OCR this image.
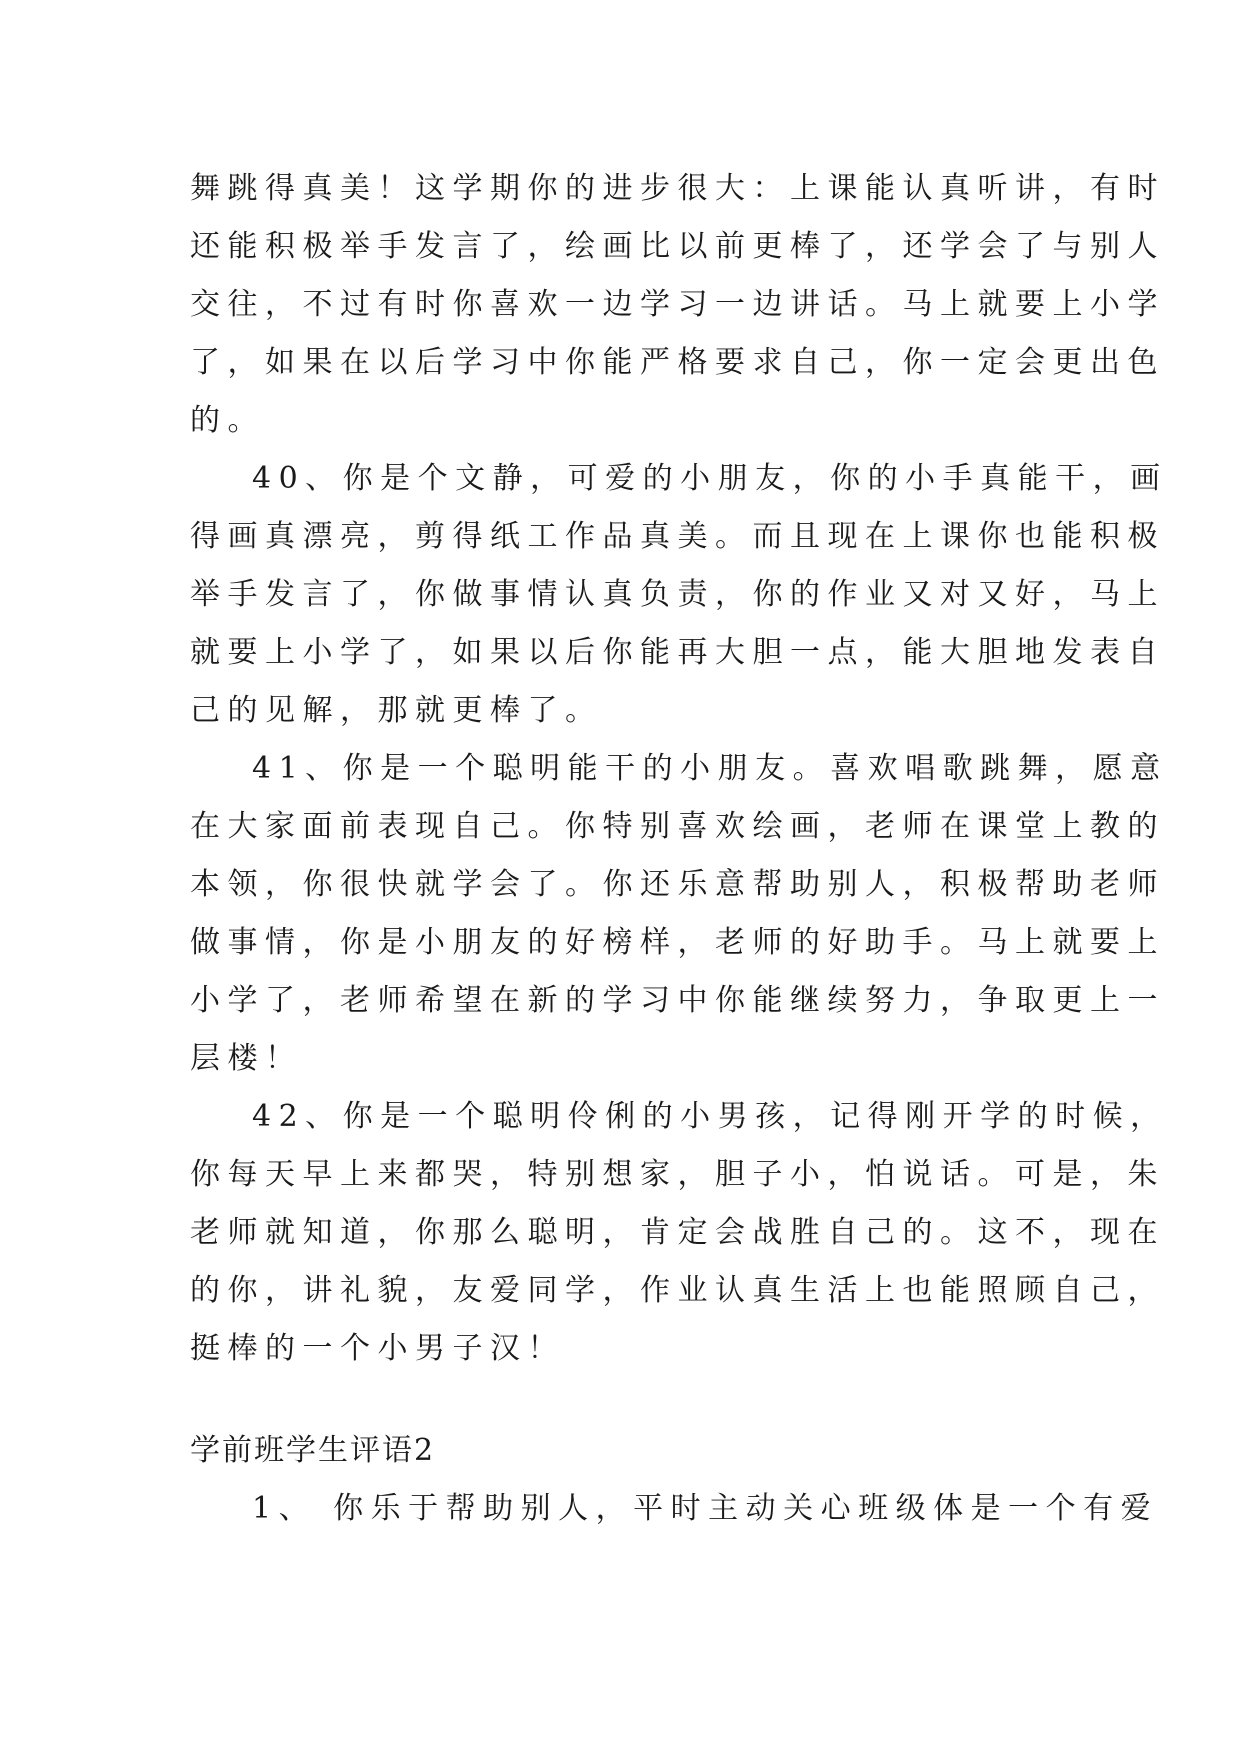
舞跳得真美！这学期你的进步很大：上课能认真听讲，有时
还能积极举手发言了，绘画比以前更棒了，还学会了与别人
交往，不过有时你喜欢一边学习一边讲话。马上就要上小学
了，如果在以后学习中你能严格要求自己，你一定会更出色
的。
40、你是个文静，可爱的小朋友，你的小手真能干，画
得画真漂亮，剪得纸工作品真美。而且现在上课你也能积极
举手发言了，你做事情认真负责，你的作业又对又好，马上
就要上小学了，如果以后你能再大胆一点，能大胆地发表自
己的见解，那就更棒了。
41、你是一个聪明能干的小朋友。喜欢唱歌跳舞，愿意
在大家面前表现自己。你特别喜欢绘画，老师在课堂上教的
本领，你很快就学会了。你还乐意帮助别人，积极帮助老师
做事情，你是小朋友的好榜样，老师的好助手。马上就要上
小学了，老师希望在新的学习中你能继续努力，争取更上一
层楼！
42、你是一个聪明伶俐的小男孩，记得刚开学的时候，
你每天早上来都哭，特别想家，胆子小，怕说话。可是，朱
老师就知道，你那么聪明，肯定会战胜自己的。这不，现在
的你，讲礼貌，友爱同学，作业认真生活上也能照顾自己，
挺棒的一个小男子汉！
学前班学生评语2
1、 你乐于帮助别人，平时主动关心班级体是一个有爱
